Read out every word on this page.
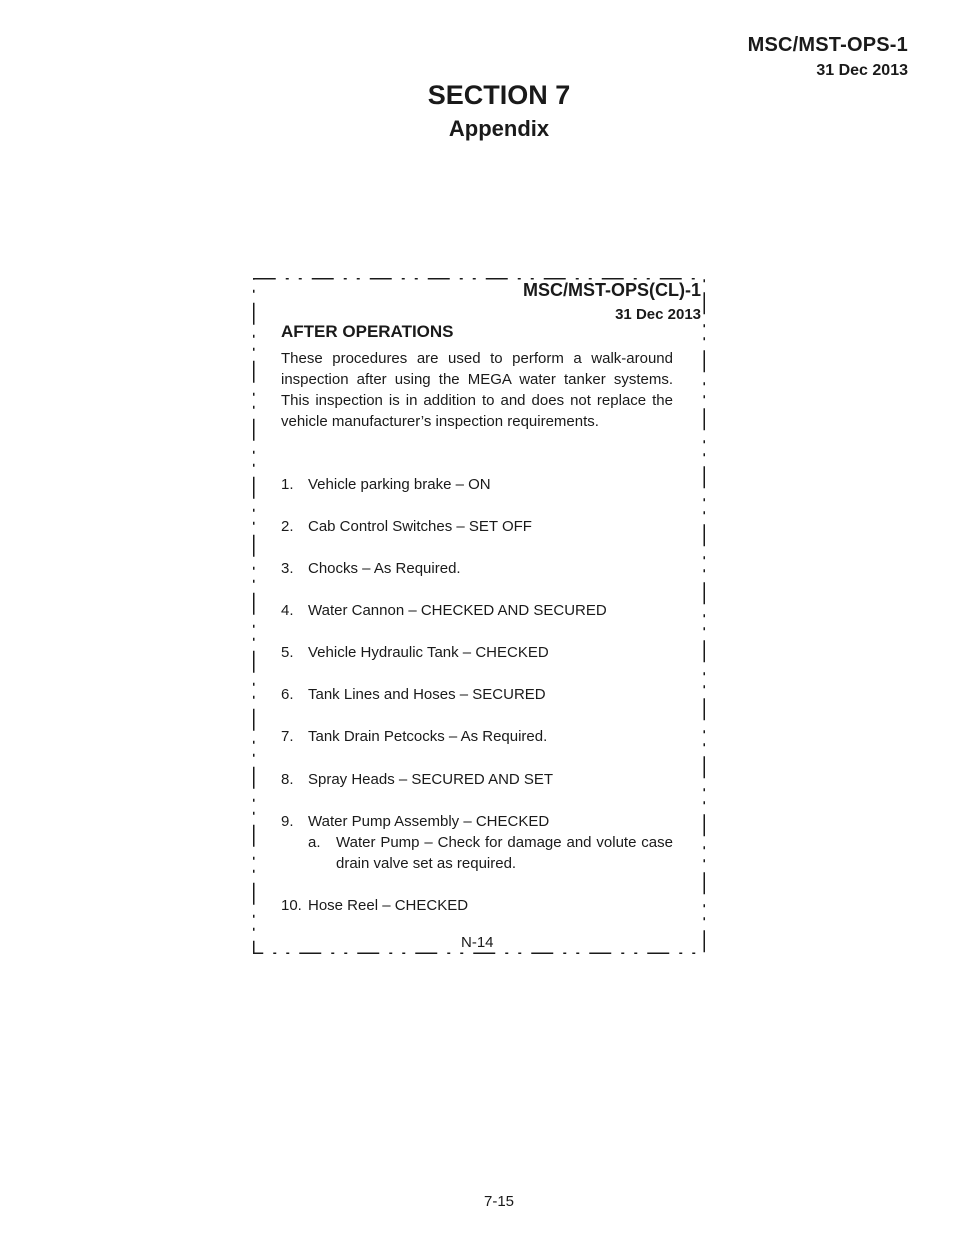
MSC/MST-OPS-1
31 Dec 2013
SECTION 7
Appendix
MSC/MST-OPS(CL)-1
31 Dec 2013
AFTER OPERATIONS
These procedures are used to perform a walk-around inspection after using the MEGA water tanker systems. This inspection is in addition to and does not replace the vehicle manufacturer’s inspection requirements.
1. Vehicle parking brake – ON
2. Cab Control Switches – SET OFF
3. Chocks – As Required.
4. Water Cannon – CHECKED AND SECURED
5. Vehicle Hydraulic Tank – CHECKED
6. Tank Lines and Hoses – SECURED
7. Tank Drain Petcocks – As Required.
8. Spray Heads – SECURED AND SET
9. Water Pump Assembly – CHECKED
a. Water Pump – Check for damage and volute case drain valve set as required.
10. Hose Reel – CHECKED
N-14
7-15
